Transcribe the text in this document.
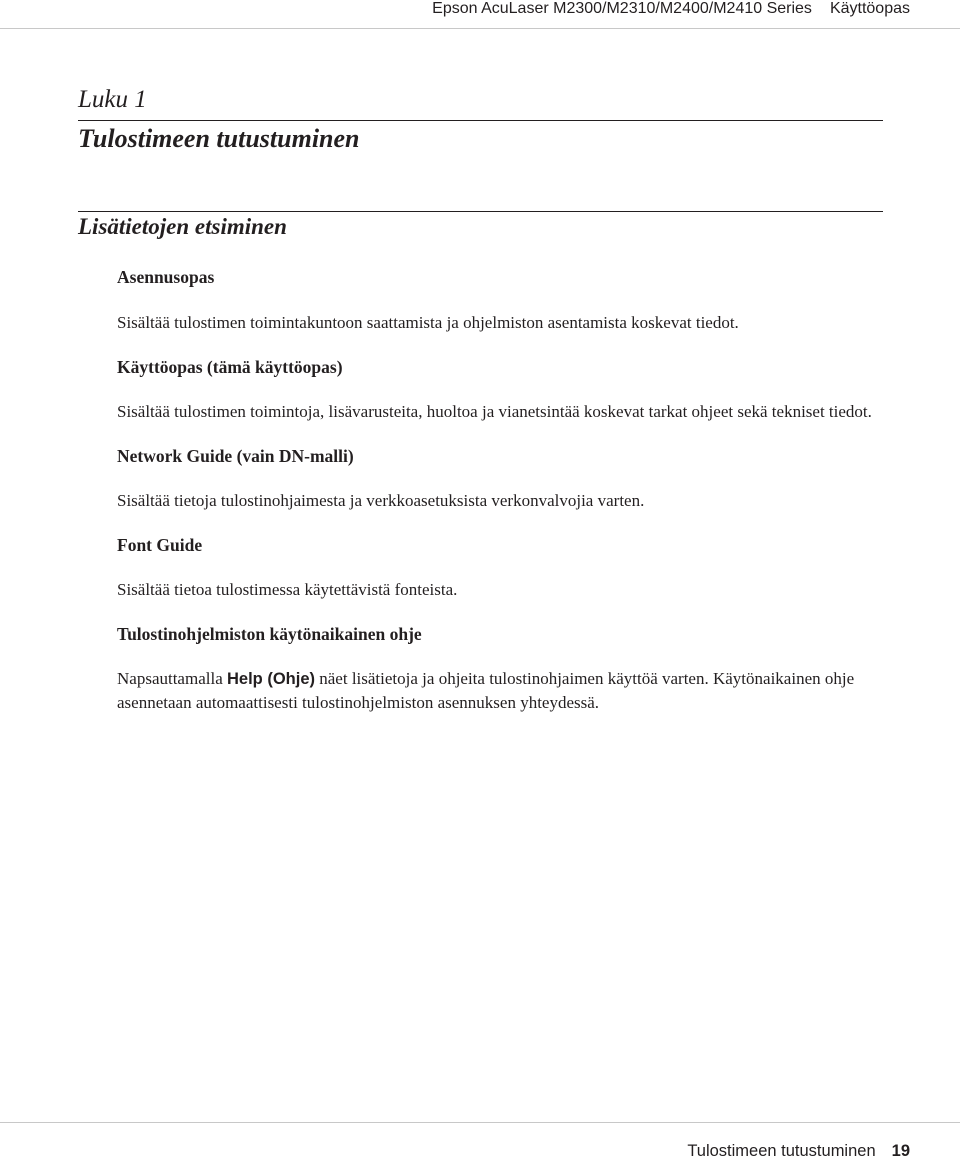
Epson AcuLaser M2300/M2310/M2400/M2410 Series Käyttöopas
Luku 1
Tulostimeen tutustuminen
Lisätietojen etsiminen

Asennusopas

Sisältää tulostimen toimintakuntoon saattamista ja ohjelmiston asentamista koskevat tiedot.

Käyttöopas (tämä käyttöopas)

Sisältää tulostimen toimintoja, lisävarusteita, huoltoa ja vianetsintää koskevat tarkat ohjeet sekä tekniset tiedot.

Network Guide (vain DN-malli)

Sisältää tietoja tulostinohjaimesta ja verkkoasetuksista verkonvalvojia varten.

Font Guide

Sisältää tietoa tulostimessa käytettävistä fonteista.

Tulostinohjelmiston käytönaikainen ohje

Napsauttamalla Help (Ohje) näet lisätietoja ja ohjeita tulostinohjaimen käyttöä varten. Käytönaikainen ohje asennetaan automaattisesti tulostinohjelmiston asennuksen yhteydessä.

Tulostimeen tutustuminen 19
